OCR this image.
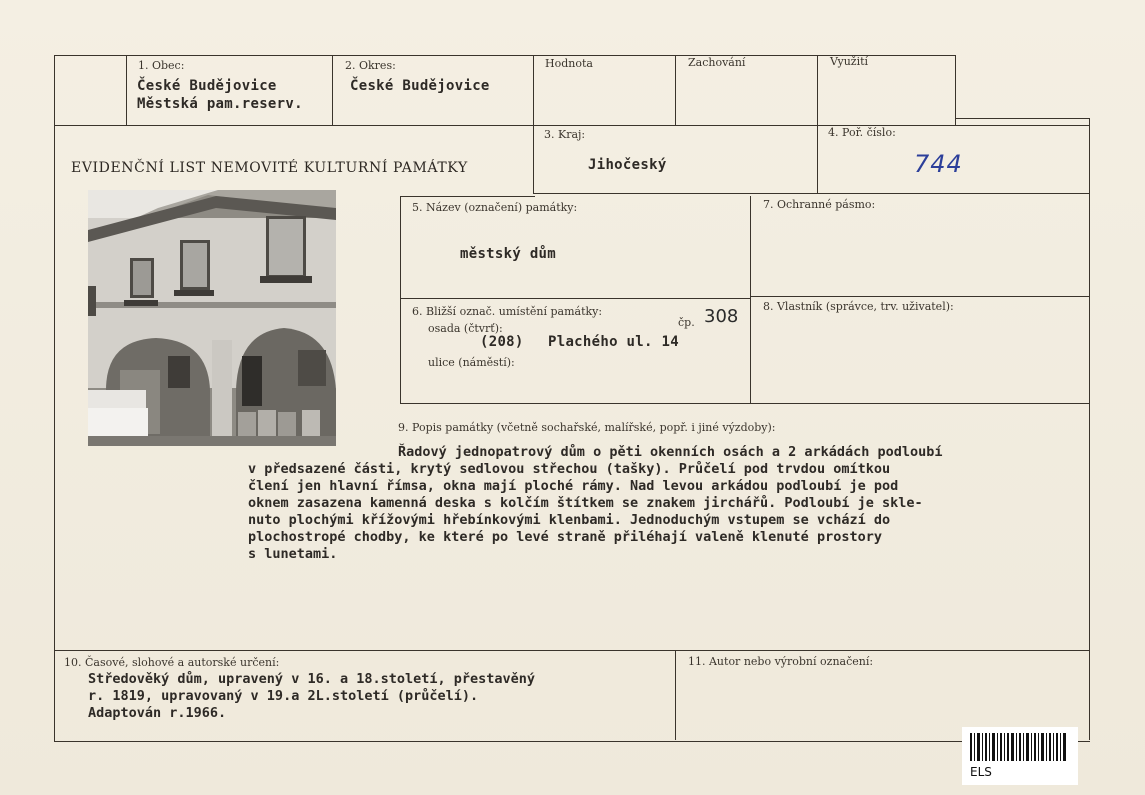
1. Obec:
České Budějovice
Městská pam.reserv.
2. Okres:
České Budějovice
Hodnota	Zachování	Využití
EVIDENČNÍ LIST NEMOVITÉ KULTURNÍ PAMÁTKY
3. Kraj:
Jihočeský
4. Poř. číslo:
744
5. Název (označení) památky:
městský dům
7. Ochranné pásmo:
6. Bližší označ. umístění památky:
osada (čtvrť):	čp. 308
(208) Plachého ul. 14
ulice (náměstí):
8. Vlastník (správce, trv. uživatel):
9. Popis památky (včetně sochařské, malířské, popř. i jiné výzdoby):
Řadový jednopatrový dům o pěti okenních osách a 2 arkádách podloubí
v předsazené části, krytý sedlovou střechou (tašky). Průčelí pod trvdou omítkou
člení jen hlavní římsa, okna mají ploché rámy. Nad levou arkádou podloubí je pod
oknem zasazena kamenná deska s kolčím štítkem se znakem jirchářů. Podloubí je skle-
nuto plochými křížovými hřebínkovými klenbami. Jednoduchým vstupem se vchází do
plochostropé chodby, ke které po levé straně přiléhají valeně klenuté prostory
s lunetami.
10. Časové, slohové a autorské určení:
Středověký dům, upravený v 16. a 18.století, přestavěný
r. 1819, upravovaný v 19.a 2L.století (průčelí).
Adaptován r.1966.
11. Autor nebo výrobní označení:
ELS
